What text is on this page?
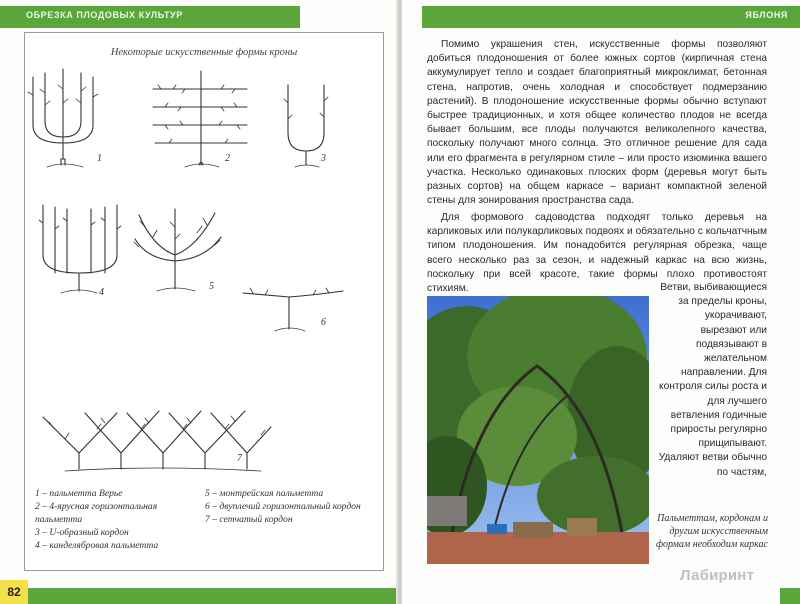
ОБРЕЗКА ПЛОДОВЫХ КУЛЬТУР
Некоторые искусственные формы кроны
1	2	3
4
5
6
7
1 – пальметта Верье
2 – 4-ярусная горизонтальная пальметта
3 – U-образный кордон
4 – канделябровая пальметта
5 – монтрейская пальметта
6 – двуплечий горизонтальный кордон
7 – сетчатый кордон
82
ЯБЛОНЯ
Помимо украшения стен, искусственные формы позволяют добиться плодоношения от более южных сортов (кирпичная стена аккумулирует тепло и создает благоприятный микроклимат, бетонная стена, напротив, очень холодная и способствует подмерзанию растений). В плодоношение искусственные формы обычно вступают быстрее традиционных, и хотя общее количество плодов не всегда бывает большим, все плоды получаются великолепного качества, поскольку получают много солнца. Это отличное решение для сада или его фрагмента в регулярном стиле – или просто изюминка вашего участка. Несколько одинаковых плоских форм (деревья могут быть разных сортов) на общем каркасе – вариант компактной зеленой стены для зонирования пространства сада.
Для формового садоводства подходят только деревья на карликовых или полукарликовых подвоях и обязательно с кольчатчным типом плодоношения. Им понадобится регулярная обрезка, чаще всего несколько раз за сезон, и надежный каркас на всю жизнь, поскольку при всей красоте, такие формы плохо противостоят стихиям.	Ветви, выбивающиеся за пределы кроны, укорачивают, вырезают или подвязывают в желательном направлении. Для контроля силы роста и для лучшего ветвления годичные приросты регулярно прищипывают. Удаляют ветви обычно по частям,
Пальметтам, кордонам и другим искусственным формам необходим каркас
Лабиринт
